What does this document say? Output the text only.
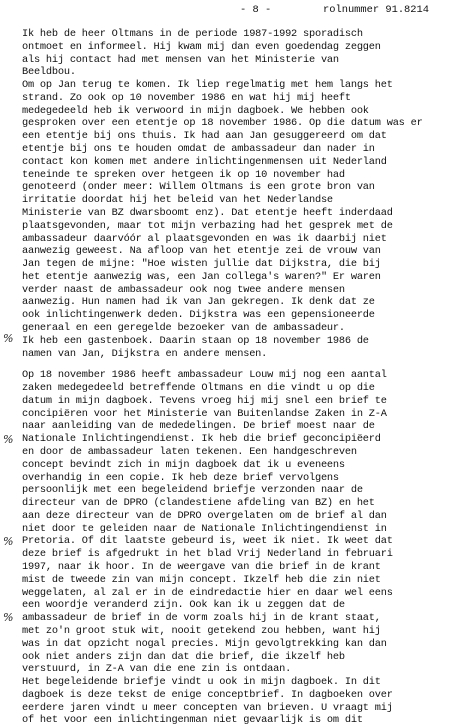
- 8 -	rolnummer 91.8214
%
%
%
%
Ik heb de heer Oltmans in de periode 1987-1992 sporadisch
ontmoet en informeel. Hij kwam mij dan even goedendag zeggen
als hij contact had met mensen van het Ministerie van
Beeldbou.
Om op Jan terug te komen. Ik liep regelmatig met hem langs het
strand. Zo ook op 10 november 1986 en wat hij mij heeft
medegedeeld heb ik verwoord in mijn dagboek. We hebben ook
gesproken over een etentje op 18 november 1986. Op die datum was er
een etentje bij ons thuis. Ik had aan Jan gesuggereerd om dat
etentje bij ons te houden omdat de ambassadeur dan nader in
contact kon komen met andere inlichtingenmensen uit Nederland
teneinde te spreken over hetgeen ik op 10 november had
genoteerd (onder meer: Willem Oltmans is een grote bron van
irritatie doordat hij het beleid van het Nederlandse
Ministerie van BZ dwarsboomt enz). Dat etentje heeft inderdaad
plaatsgevonden, maar tot mijn verbazing had het gesprek met de
ambassadeur daarvóór al plaatsgevonden en was ik daarbij niet
aanwezig geweest. Na afloop van het etentje zei de vrouw van
Jan tegen de mijne: "Hoe wisten jullie dat Dijkstra, die bij
het etentje aanwezig was, een Jan collega's waren?" Er waren
verder naast de ambassadeur ook nog twee andere mensen
aanwezig. Hun namen had ik van Jan gekregen. Ik denk dat ze
ook inlichtingenwerk deden. Dijkstra was een gepensioneerde
generaal en een geregelde bezoeker van de ambassadeur.
Ik heb een gastenboek. Daarin staan op 18 november 1986 de
namen van Jan, Dijkstra en andere mensen.
Op 18 november 1986 heeft ambassadeur Louw mij nog een aantal
zaken medegedeeld betreffende Oltmans en die vindt u op die
datum in mijn dagboek. Tevens vroeg hij mij snel een brief te
concipiëren voor het Ministerie van Buitenlandse Zaken in Z-A
naar aanleiding van de mededelingen. De brief moest naar de
Nationale Inlichtingendienst. Ik heb die brief geconcipiëerd
en door de ambassadeur laten tekenen. Een handgeschreven
concept bevindt zich in mijn dagboek dat ik u eveneens
overhandig in een copie. Ik heb deze brief vervolgens
persoonlijk met een begeleidend briefje verzonden naar de
directeur van de DPRO (clandestiene afdeling van BZ) en het
aan deze directeur van de DPRO overgelaten om de brief al dan
niet door te geleiden naar de Nationale Inlichtingendienst in
Pretoria. Of dit laatste gebeurd is, weet ik niet. Ik weet dat
deze brief is afgedrukt in het blad Vrij Nederland in februari
1997, naar ik hoor. In de weergave van die brief in de krant
mist de tweede zin van mijn concept. Ikzelf heb die zin niet
weggelaten, al zal er in de eindredactie hier en daar wel eens
een woordje veranderd zijn. Ook kan ik u zeggen dat de
ambassadeur de brief in de vorm zoals hij in de krant staat,
met zo'n groot stuk wit, nooit getekend zou hebben, want hij
was in dat opzicht nogal precies. Mijn gevolgtrekking kan dan
ook niet anders zijn dan dat die brief, die ikzelf heb
verstuurd, in Z-A van die ene zin is ontdaan.
Het begeleidende briefje vindt u ook in mijn dagboek. In dit
dagboek is deze tekst de enige conceptbrief. In dagboeken over
eerdere jaren vindt u meer concepten van brieven. U vraagt mij
of het voor een inlichtingenman niet gevaarlijk is om dit
